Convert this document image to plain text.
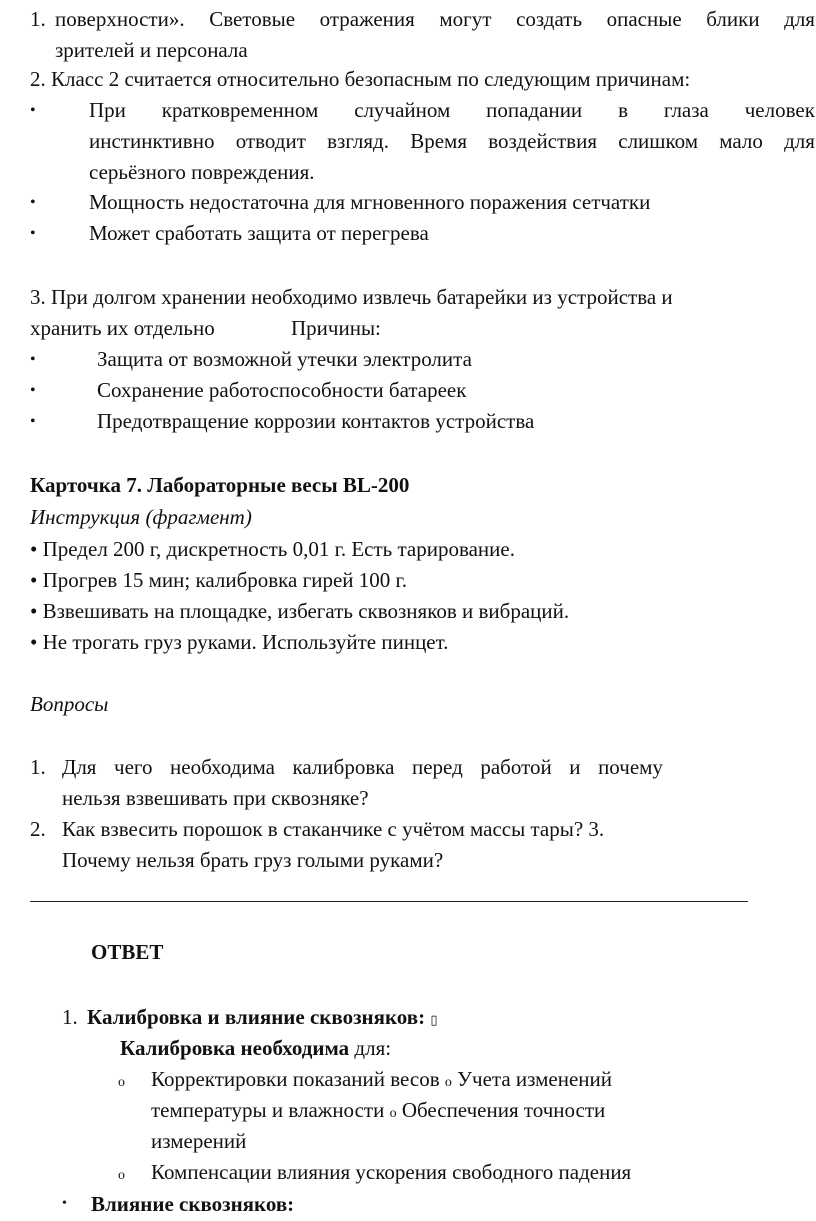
1. поверхности». Световые отражения могут создать опасные блики для
зрителей и персонала
2. Класс 2 считается относительно безопасным по следующим причинам:
•	При кратковременном случайном попадании в глаза человек
инстинктивно отводит взгляд. Время воздействия слишком мало для
серьёзного повреждения.
•	Мощность недостаточна для мгновенного поражения сетчатки
•	Может сработать защита от перегрева
3. При долгом хранении необходимо извлечь батарейки из устройства и
хранить их отдельно	Причины:
•	Защита от возможной утечки электролита
•	Сохранение работоспособности батареек
•	Предотвращение коррозии контактов устройства
Карточка 7. Лабораторные весы BL-200
Инструкция (фрагмент)
• Предел 200 г, дискретность 0,01 г. Есть тарирование.
• Прогрев 15 мин; калибровка гирей 100 г.
• Взвешивать на площадке, избегать сквозняков и вибраций.
• Не трогать груз руками. Используйте пинцет.
Вопросы
1. Для чего необходима калибровка перед работой и почему
нельзя взвешивать при сквозняке?
2. Как взвесить порошок в стаканчике с учётом массы тары? 3.
Почему нельзя брать груз голыми руками?
ОТВЕТ
1. Калибровка и влияние сквозняков: ▯
Калибровка необходима для:
o Корректировки показаний весов o Учета изменений
температуры и влажности o Обеспечения точности
измерений
o Компенсации влияния ускорения свободного падения
• Влияние сквозняков:
